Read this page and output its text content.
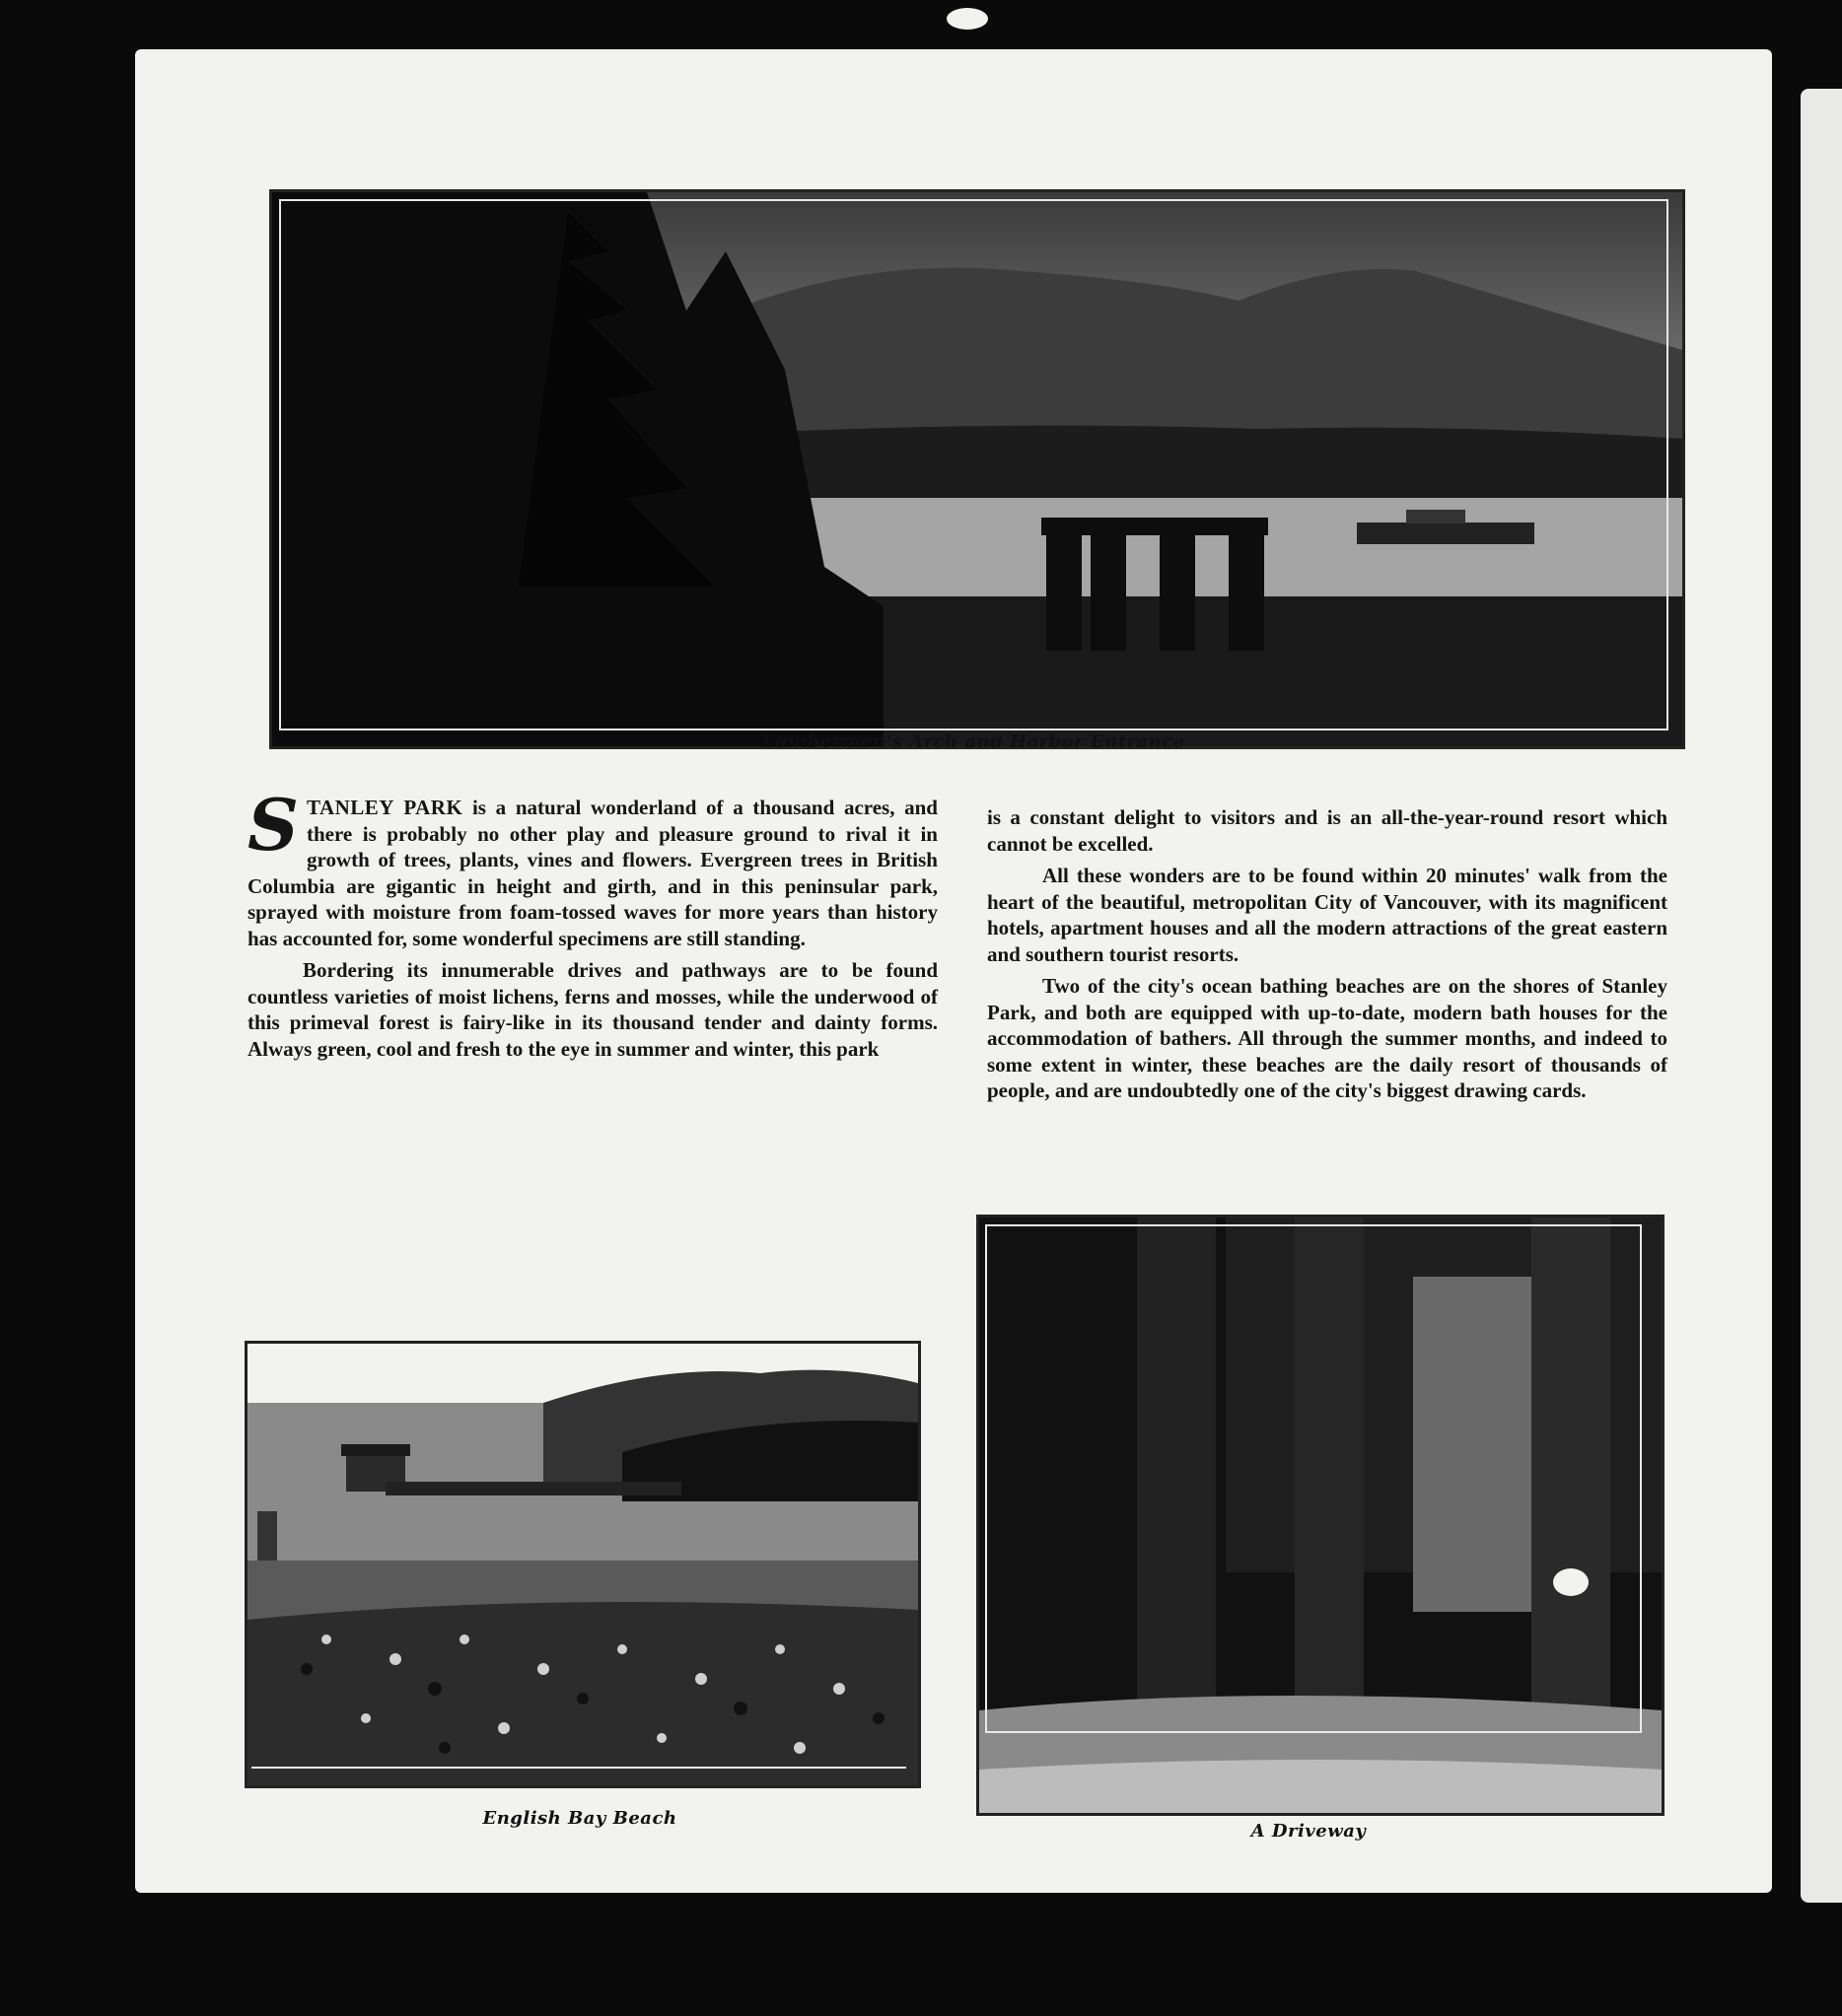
Lumbermen's Arch and Harbor Entrance

STANLEY PARK is a natural wonderland of a thousand acres, and there is probably no other play and pleasure ground to rival it in growth of trees, plants, vines and flowers. Evergreen trees in British Columbia are gigantic in height and girth, and in this peninsular park, sprayed with moisture from foam-tossed waves for more years than history has accounted for, some wonderful specimens are still standing.

Bordering its innumerable drives and pathways are to be found countless varieties of moist lichens, ferns and mosses, while the underwood of this primeval forest is fairy-like in its thousand tender and dainty forms. Always green, cool and fresh to the eye in summer and winter, this park

is a constant delight to visitors and is an all-the-year-round resort which cannot be excelled.

All these wonders are to be found within 20 minutes' walk from the heart of the beautiful, metropolitan City of Vancouver, with its magnificent hotels, apartment houses and all the modern attractions of the great eastern and southern tourist resorts.

Two of the city's ocean bathing beaches are on the shores of Stanley Park, and both are equipped with up-to-date, modern bath houses for the accommodation of bathers. All through the summer months, and indeed to some extent in winter, these beaches are the daily resort of thousands of people, and are undoubtedly one of the city's biggest drawing cards.

English Bay Beach
A Driveway
